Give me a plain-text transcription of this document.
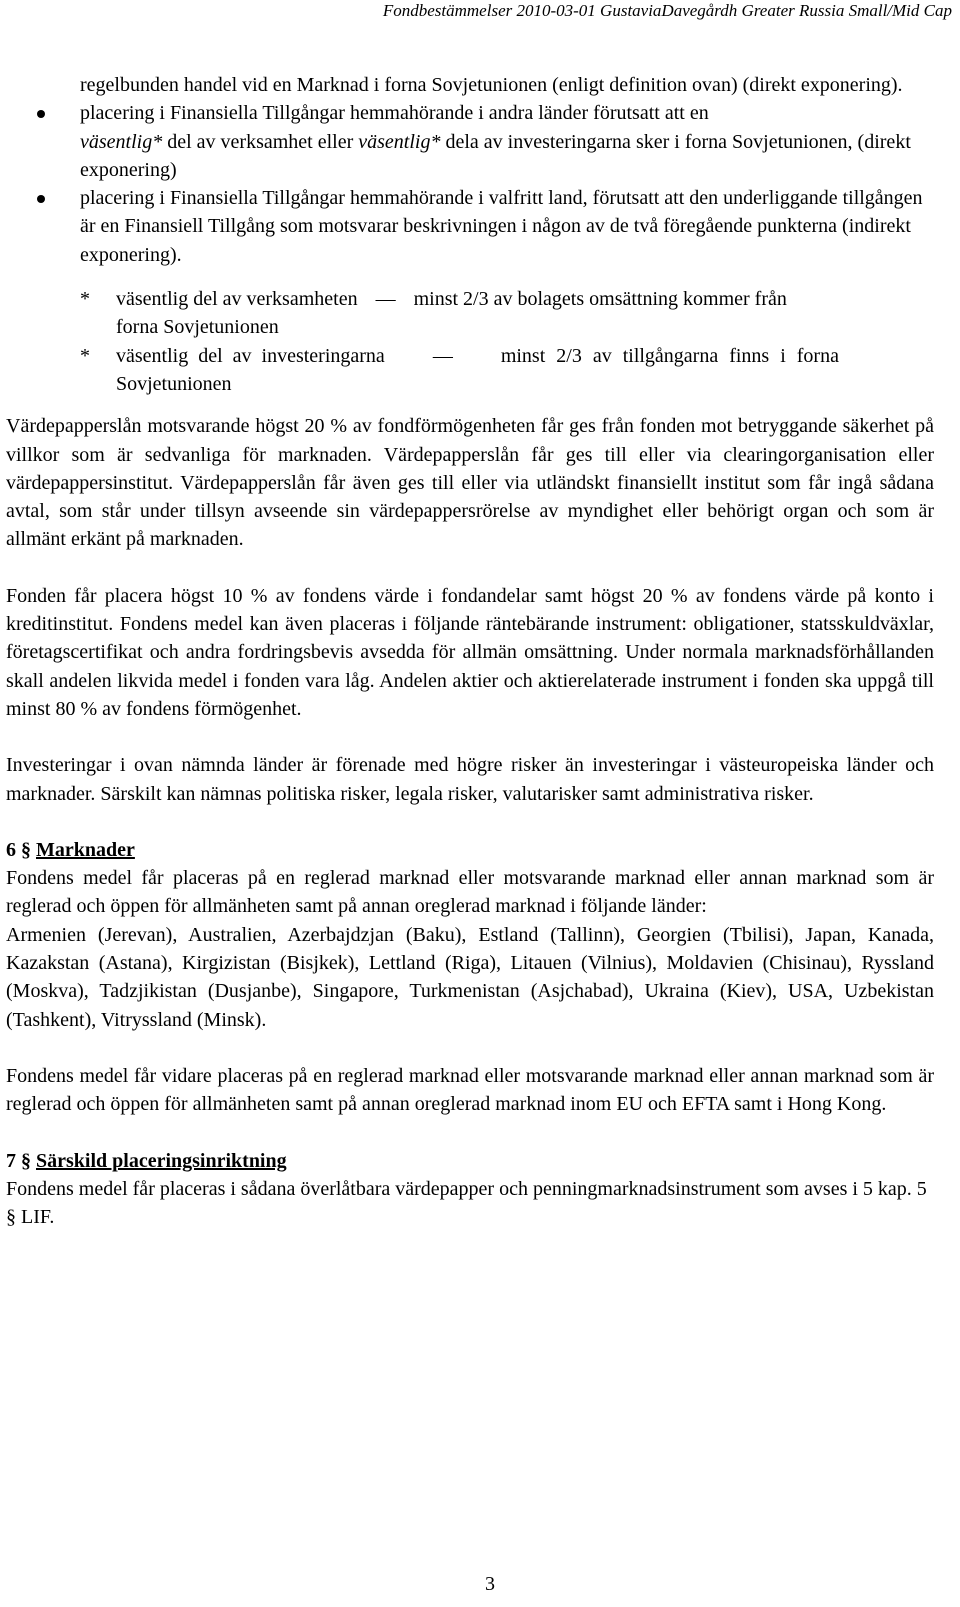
Fondbestämmelser 2010-03-01 GustaviaDavegårdh Greater Russia Small/Mid Cap

regelbunden handel vid en Marknad i forna Sovjetunionen (enligt definition ovan) (direkt exponering).

placering i Finansiella Tillgångar hemmahörande i andra länder förutsatt att en
väsentlig* del av verksamhet eller väsentlig* dela av investeringarna sker i forna Sovjetunionen, (direkt exponering)

placering i Finansiella Tillgångar hemmahörande i valfritt land, förutsatt att den underliggande tillgången är en Finansiell Tillgång som motsvarar beskrivningen i någon av de två föregående punkterna (indirekt exponering).

* väsentlig del av verksamheten — minst 2/3 av bolagets omsättning kommer från
forna Sovjetunionen
* väsentlig del av investeringarna — minst 2/3 av tillgångarna finns i forna
Sovjetunionen

Värdepapperslån motsvarande högst 20 % av fondförmögenheten får ges från fonden mot betryggande säkerhet på villkor som är sedvanliga för marknaden. Värdepapperslån får ges till eller via clearingorganisation eller värdepappersinstitut. Värdepapperslån får även ges till eller via utländskt finansiellt institut som får ingå sådana avtal, som står under tillsyn avseende sin värdepappersrörelse av myndighet eller behörigt organ och som är allmänt erkänt på marknaden.

Fonden får placera högst 10 % av fondens värde i fondandelar samt högst 20 % av fondens värde på konto i kreditinstitut. Fondens medel kan även placeras i följande räntebärande instrument: obligationer, statsskuldväxlar, företagscertifikat och andra fordringsbevis avsedda för allmän omsättning. Under normala marknadsförhållanden skall andelen likvida medel i fonden vara låg. Andelen aktier och aktierelaterade instrument i fonden ska uppgå till minst 80 % av fondens förmögenhet.

Investeringar i ovan nämnda länder är förenade med högre risker än investeringar i västeuropeiska länder och marknader. Särskilt kan nämnas politiska risker, legala risker, valutarisker samt administrativa risker.

6 § Marknader

Fondens medel får placeras på en reglerad marknad eller motsvarande marknad eller annan marknad som är reglerad och öppen för allmänheten samt på annan oreglerad marknad i följande länder:

Armenien (Jerevan), Australien, Azerbajdzjan (Baku), Estland (Tallinn), Georgien (Tbilisi), Japan, Kanada, Kazakstan (Astana), Kirgizistan (Bisjkek), Lettland (Riga), Litauen (Vilnius), Moldavien (Chisinau), Ryssland (Moskva), Tadzjikistan (Dusjanbe), Singapore, Turkmenistan (Asjchabad), Ukraina (Kiev), USA, Uzbekistan (Tashkent), Vitryssland (Minsk).

Fondens medel får vidare placeras på en reglerad marknad eller motsvarande marknad eller annan marknad som är reglerad och öppen för allmänheten samt på annan oreglerad marknad inom EU och EFTA samt i Hong Kong.

7 § Särskild placeringsinriktning

Fondens medel får placeras i sådana överlåtbara värdepapper och penningmarknadsinstrument som avses i 5 kap. 5 § LIF.

3
